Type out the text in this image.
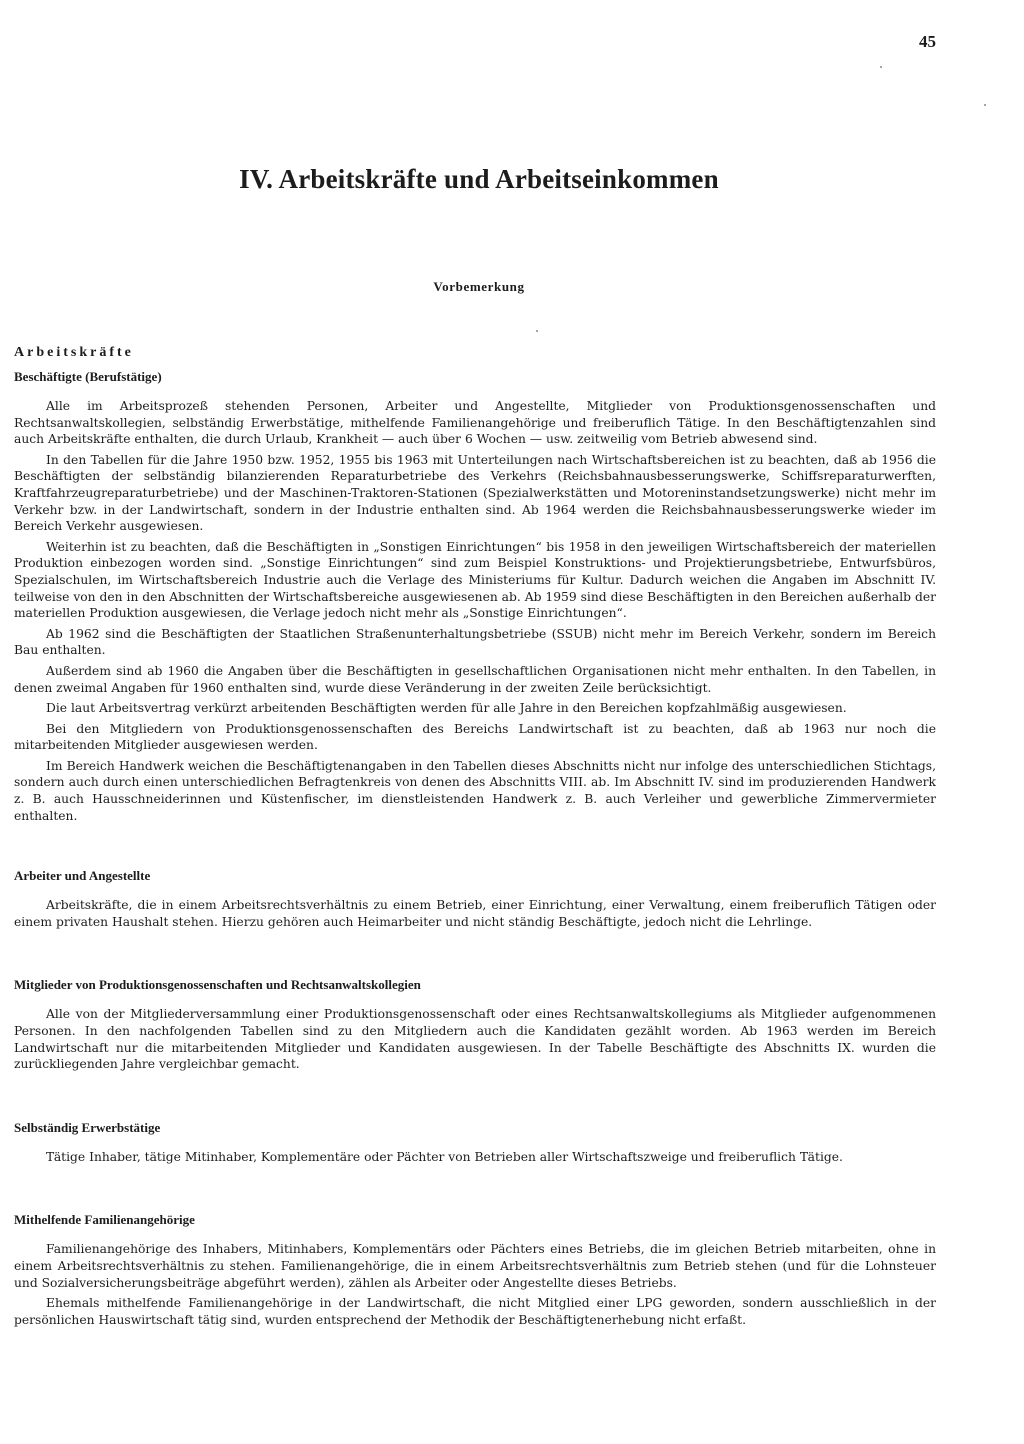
45
IV. Arbeitskräfte und Arbeitseinkommen
Vorbemerkung
Arbeitskräfte
Beschäftigte (Berufstätige)

Alle im Arbeitsprozeß stehenden Personen, Arbeiter und Angestellte, Mitglieder von Produktionsgenossenschaften und Rechtsanwaltskollegien, selbständig Erwerbstätige, mithelfende Familienangehörige und freiberuflich Tätige. In den Beschäftigtenzahlen sind auch Arbeitskräfte enthalten, die durch Urlaub, Krankheit — auch über 6 Wochen — usw. zeitweilig vom Betrieb abwesend sind.

In den Tabellen für die Jahre 1950 bzw. 1952, 1955 bis 1963 mit Unterteilungen nach Wirtschaftsbereichen ist zu beachten, daß ab 1956 die Beschäftigten der selbständig bilanzierenden Reparaturbetriebe des Verkehrs (Reichsbahnausbesserungswerke, Schiffsreparaturwerften, Kraftfahrzeugreparaturbetriebe) und der Maschinen-Traktoren-Stationen (Spezialwerkstätten und Motoreninstandsetzungswerke) nicht mehr im Verkehr bzw. in der Landwirtschaft, sondern in der Industrie enthalten sind. Ab 1964 werden die Reichsbahnausbesserungswerke wieder im Bereich Verkehr ausgewiesen.

Weiterhin ist zu beachten, daß die Beschäftigten in „Sonstigen Einrichtungen“ bis 1958 in den jeweiligen Wirtschaftsbereich der materiellen Produktion einbezogen worden sind. „Sonstige Einrichtungen“ sind zum Beispiel Konstruktions- und Projektierungsbetriebe, Entwurfsbüros, Spezialschulen, im Wirtschaftsbereich Industrie auch die Verlage des Ministeriums für Kultur. Dadurch weichen die Angaben im Abschnitt IV. teilweise von den in den Abschnitten der Wirtschaftsbereiche ausgewiesenen ab. Ab 1959 sind diese Beschäftigten in den Bereichen außerhalb der materiellen Produktion ausgewiesen, die Verlage jedoch nicht mehr als „Sonstige Einrichtungen“.

Ab 1962 sind die Beschäftigten der Staatlichen Straßenunterhaltungsbetriebe (SSUB) nicht mehr im Bereich Verkehr, sondern im Bereich Bau enthalten.

Außerdem sind ab 1960 die Angaben über die Beschäftigten in gesellschaftlichen Organisationen nicht mehr enthalten. In den Tabellen, in denen zweimal Angaben für 1960 enthalten sind, wurde diese Veränderung in der zweiten Zeile berücksichtigt.

Die laut Arbeitsvertrag verkürzt arbeitenden Beschäftigten werden für alle Jahre in den Bereichen kopfzahlmäßig ausgewiesen.

Bei den Mitgliedern von Produktionsgenossenschaften des Bereichs Landwirtschaft ist zu beachten, daß ab 1963 nur noch die mitarbeitenden Mitglieder ausgewiesen werden.

Im Bereich Handwerk weichen die Beschäftigtenangaben in den Tabellen dieses Abschnitts nicht nur infolge des unterschiedlichen Stichtags, sondern auch durch einen unterschiedlichen Befragtenkreis von denen des Abschnitts VIII. ab. Im Abschnitt IV. sind im produzierenden Handwerk z. B. auch Hausschneiderinnen und Küstenfischer, im dienstleistenden Handwerk z. B. auch Verleiher und gewerbliche Zimmervermieter enthalten.

Arbeiter und Angestellte

Arbeitskräfte, die in einem Arbeitsrechtsverhältnis zu einem Betrieb, einer Einrichtung, einer Verwaltung, einem freiberuflich Tätigen oder einem privaten Haushalt stehen. Hierzu gehören auch Heimarbeiter und nicht ständig Beschäftigte, jedoch nicht die Lehrlinge.

Mitglieder von Produktionsgenossenschaften und Rechtsanwaltskollegien

Alle von der Mitgliederversammlung einer Produktionsgenossenschaft oder eines Rechtsanwaltskollegiums als Mitglieder aufgenommenen Personen. In den nachfolgenden Tabellen sind zu den Mitgliedern auch die Kandidaten gezählt worden. Ab 1963 werden im Bereich Landwirtschaft nur die mitarbeitenden Mitglieder und Kandidaten ausgewiesen. In der Tabelle Beschäftigte des Abschnitts IX. wurden die zurückliegenden Jahre vergleichbar gemacht.

Selbständig Erwerbstätige

Tätige Inhaber, tätige Mitinhaber, Komplementäre oder Pächter von Betrieben aller Wirtschaftszweige und freiberuflich Tätige.

Mithelfende Familienangehörige

Familienangehörige des Inhabers, Mitinhabers, Komplementärs oder Pächters eines Betriebs, die im gleichen Betrieb mitarbeiten, ohne in einem Arbeitsrechtsverhältnis zu stehen. Familienangehörige, die in einem Arbeitsrechtsverhältnis zum Betrieb stehen (und für die Lohnsteuer und Sozialversicherungsbeiträge abgeführt werden), zählen als Arbeiter oder Angestellte dieses Betriebs.

Ehemals mithelfende Familienangehörige in der Landwirtschaft, die nicht Mitglied einer LPG geworden, sondern ausschließlich in der persönlichen Hauswirtschaft tätig sind, wurden entsprechend der Methodik der Beschäftigtenerhebung nicht erfaßt.
